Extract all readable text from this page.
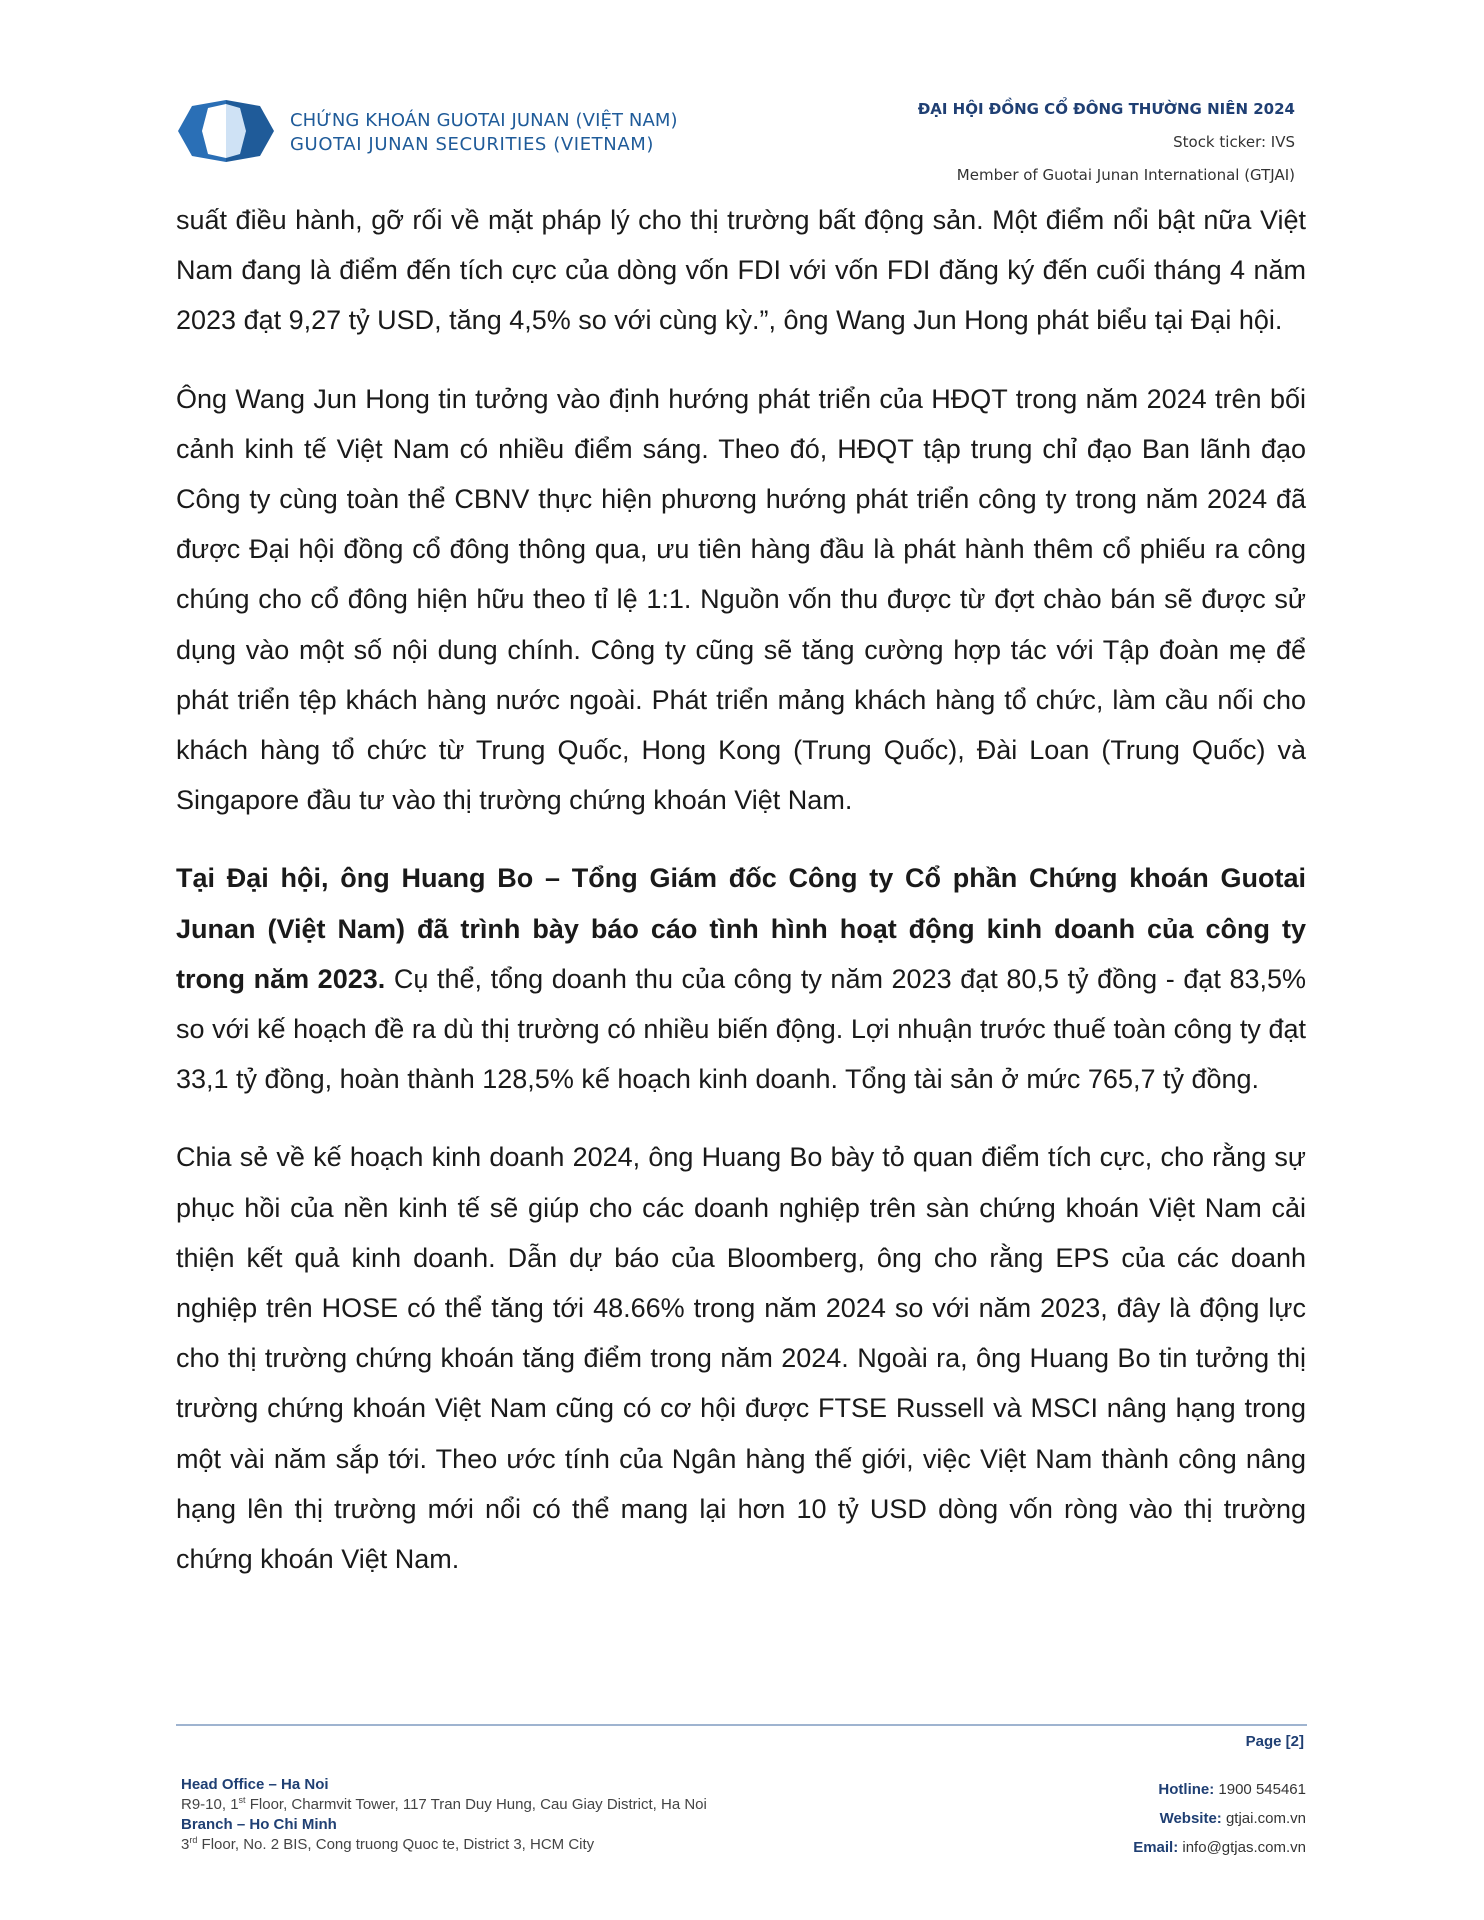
CHỨNG KHOÁN GUOTAI JUNAN (VIỆT NAM)
GUOTAI JUNAN SECURITIES (VIETNAM)
ĐẠI HỘI ĐỒNG CỔ ĐÔNG THƯỜNG NIÊN 2024
Stock ticker: IVS
Member of Guotai Junan International (GTJAI)

suất điều hành, gỡ rối về mặt pháp lý cho thị trường bất động sản. Một điểm nổi bật nữa Việt Nam đang là điểm đến tích cực của dòng vốn FDI với vốn FDI đăng ký đến cuối tháng 4 năm 2023 đạt 9,27 tỷ USD, tăng 4,5% so với cùng kỳ.”, ông Wang Jun Hong phát biểu tại Đại hội.

Ông Wang Jun Hong tin tưởng vào định hướng phát triển của HĐQT trong năm 2024 trên bối cảnh kinh tế Việt Nam có nhiều điểm sáng. Theo đó, HĐQT tập trung chỉ đạo Ban lãnh đạo Công ty cùng toàn thể CBNV thực hiện phương hướng phát triển công ty trong năm 2024 đã được Đại hội đồng cổ đông thông qua, ưu tiên hàng đầu là phát hành thêm cổ phiếu ra công chúng cho cổ đông hiện hữu theo tỉ lệ 1:1. Nguồn vốn thu được từ đợt chào bán sẽ được sử dụng vào một số nội dung chính. Công ty cũng sẽ tăng cường hợp tác với Tập đoàn mẹ để phát triển tệp khách hàng nước ngoài. Phát triển mảng khách hàng tổ chức, làm cầu nối cho khách hàng tổ chức từ Trung Quốc, Hong Kong (Trung Quốc), Đài Loan (Trung Quốc) và Singapore đầu tư vào thị trường chứng khoán Việt Nam.

Tại Đại hội, ông Huang Bo – Tổng Giám đốc Công ty Cổ phần Chứng khoán Guotai Junan (Việt Nam) đã trình bày báo cáo tình hình hoạt động kinh doanh của công ty trong năm 2023. Cụ thể, tổng doanh thu của công ty năm 2023 đạt 80,5 tỷ đồng - đạt 83,5% so với kế hoạch đề ra dù thị trường có nhiều biến động. Lợi nhuận trước thuế toàn công ty đạt 33,1 tỷ đồng, hoàn thành 128,5% kế hoạch kinh doanh. Tổng tài sản ở mức 765,7 tỷ đồng.

Chia sẻ về kế hoạch kinh doanh 2024, ông Huang Bo bày tỏ quan điểm tích cực, cho rằng sự phục hồi của nền kinh tế sẽ giúp cho các doanh nghiệp trên sàn chứng khoán Việt Nam cải thiện kết quả kinh doanh. Dẫn dự báo của Bloomberg, ông cho rằng EPS của các doanh nghiệp trên HOSE có thể tăng tới 48.66% trong năm 2024 so với năm 2023, đây là động lực cho thị trường chứng khoán tăng điểm trong năm 2024. Ngoài ra, ông Huang Bo tin tưởng thị trường chứng khoán Việt Nam cũng có cơ hội được FTSE Russell và MSCI nâng hạng trong một vài năm sắp tới. Theo ước tính của Ngân hàng thế giới, việc Việt Nam thành công nâng hạng lên thị trường mới nổi có thể mang lại hơn 10 tỷ USD dòng vốn ròng vào thị trường chứng khoán Việt Nam.

Page [2]
Head Office – Ha Noi
R9-10, 1st Floor, Charmvit Tower, 117 Tran Duy Hung, Cau Giay District, Ha Noi
Branch – Ho Chi Minh
3rd Floor, No. 2 BIS, Cong truong Quoc te, District 3, HCM City
Hotline: 1900 545461
Website: gtjai.com.vn
Email: info@gtjas.com.vn
